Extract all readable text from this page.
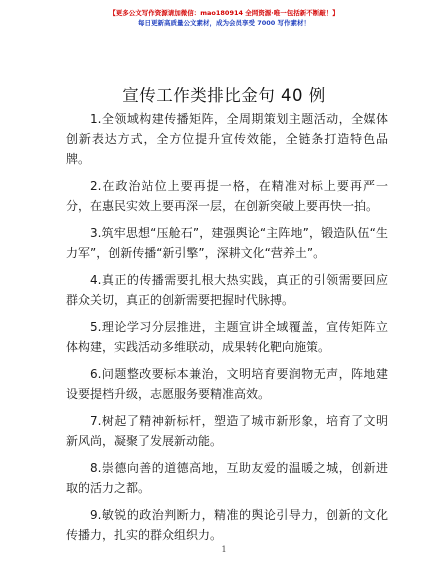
【更多公文写作资源请加微信：mao180914 全网资源·唯一包括新不断敲！】
每日更新高质量公文素材，成为会员享受 7000 写作素材！
宣传工作类排比金句 40 例

1.全领域构建传播矩阵，全周期策划主题活动，全媒体创新表达方式，全方位提升宣传效能，全链条打造特色品牌。

2.在政治站位上要再提一格，在精准对标上要再严一分，在惠民实效上要再深一层，在创新突破上要再快一拍。

3.筑牢思想“压舱石”，建强舆论“主阵地”，锻造队伍“生力军”，创新传播“新引擎”，深耕文化“营养土”。

4.真正的传播需要扎根大热实践，真正的引领需要回应群众关切，真正的创新需要把握时代脉搏。

5.理论学习分层推进，主题宣讲全域覆盖，宣传矩阵立体构建，实践活动多维联动，成果转化靶向施策。

6.问题整改要标本兼治，文明培育要润物无声，阵地建设要提档升级，志愿服务要精准高效。

7.树起了精神新标杆，塑造了城市新形象，培育了文明新风尚，凝聚了发展新动能。

8.崇德向善的道德高地，互助友爱的温暖之城，创新进取的活力之都。

9.敏锐的政治判断力，精准的舆论引导力，创新的文化传播力，扎实的群众组织力。

1
